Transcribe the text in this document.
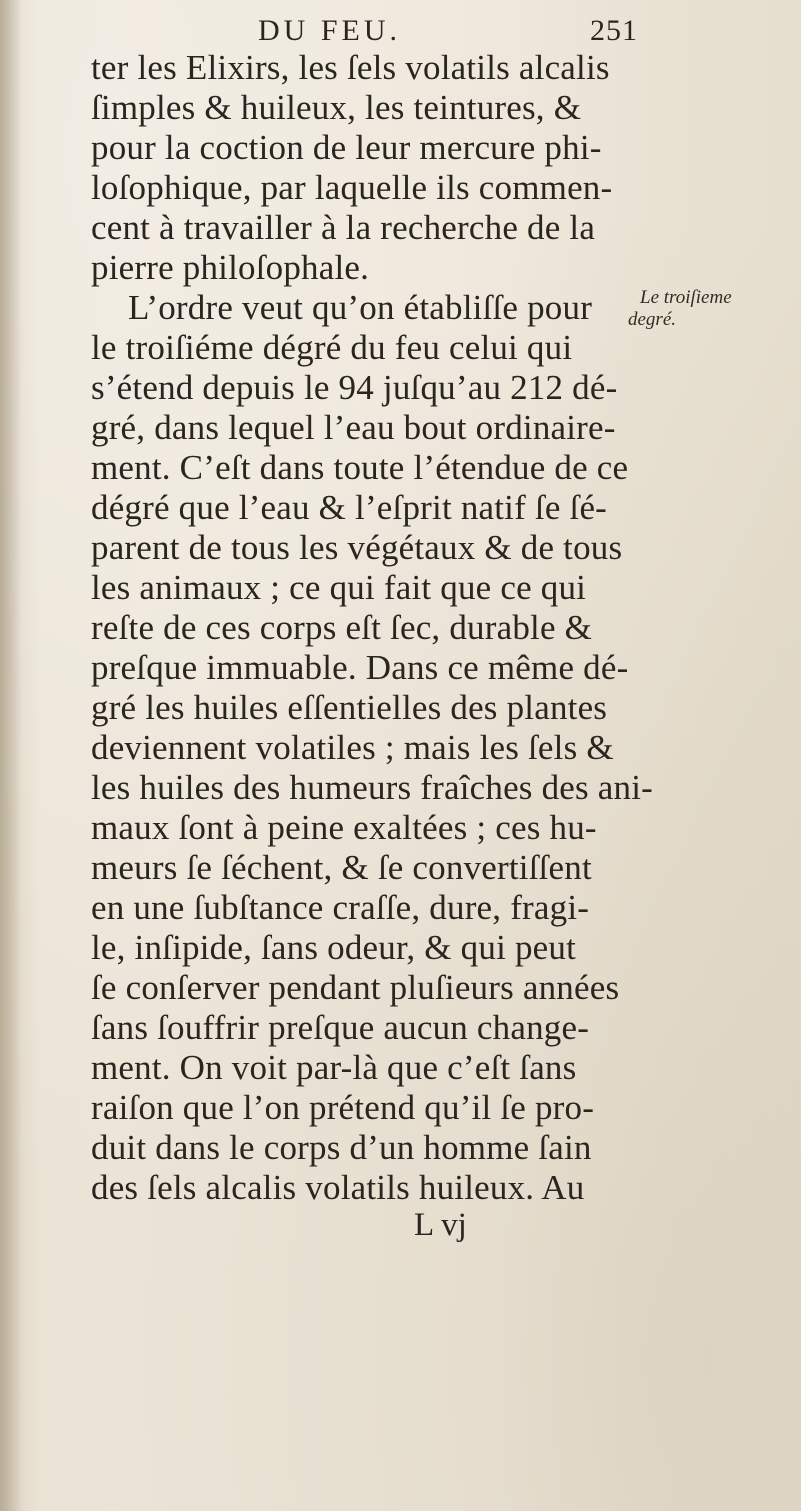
DU FEU.	251
ter les Elixirs, les ſels volatils alcalis
ſimples & huileux, les teintures, &
pour la coction de leur mercure phi-
loſophique, par laquelle ils commen-
cent à travailler à la recherche de la
pierre philoſophale.
L’ordre veut qu’on établiſſe pour
le troiſiéme dégré du feu celui qui
s’étend depuis le 94 juſqu’au 212 dé-
gré, dans lequel l’eau bout ordinaire-
ment. C’eſt dans toute l’étendue de ce
dégré que l’eau & l’eſprit natif ſe ſé-
parent de tous les végétaux & de tous
les animaux ; ce qui fait que ce qui
reſte de ces corps eſt ſec, durable &
preſque immuable. Dans ce même dé-
gré les huiles eſſentielles des plantes
deviennent volatiles ; mais les ſels &
les huiles des humeurs fraîches des ani-
maux ſont à peine exaltées ; ces hu-
meurs ſe ſéchent, & ſe convertiſſent
en une ſubſtance craſſe, dure, fragi-
le, inſipide, ſans odeur, & qui peut
ſe conſerver pendant pluſieurs années
ſans ſouffrir preſque aucun change-
ment. On voit par-là que c’eſt ſans
raiſon que l’on prétend qu’il ſe pro-
duit dans le corps d’un homme ſain
des ſels alcalis volatils huileux. Au
Le troiſieme
degré.
L vj
